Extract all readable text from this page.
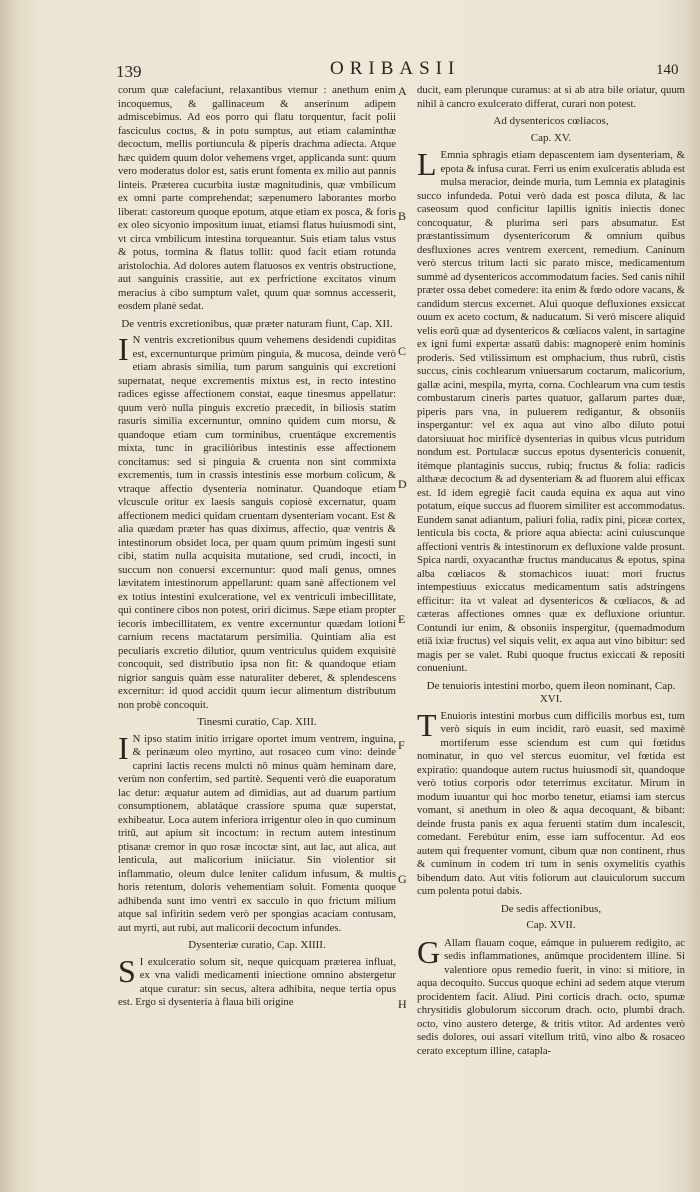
139	ORIBASII	140

corum quæ calefaciunt, relaxantibus vtemur : anethum enim incoquemus, & gallinaceum & anserinum adipem admiscebimus. Ad eos porro qui flatu torquentur, facit polii fasciculus coctus, & in potu sumptus, aut etiam calaminthæ decoctum, mellis portiuncula & piperis drachma adiecta. Atque hæc quidem quum dolor vehemens vrget, applicanda sunt: quum vero moderatus dolor est, satis erunt fomenta ex milio aut pannis linteis. Præterea cucurbita iustæ magnitudinis, quæ vmbilicum ex omni parte comprehendat; sæpenumero laborantes morbo liberat: castoreum quoque epotum, atque etiam ex posca, & foris ex oleo sicyonio impositum iuuat, etiamsi flatus huiusmodi sint, vt circa vmbilicum intestina torqueantur. Suis etiam talus vstus & potus, tormina & flatus tollit: quod facit etiam rotunda aristolochia. Ad dolores autem flatuosos ex ventris obstructione, aut sanguinis crassitie, aut ex perfrictione excitatos vinum meracius à cibo sumptum valet, quum quæ somnus accesserit, eosdem planè sedat.

De ventris excretionibus, quæ præter naturam fiunt, Cap. XII.

I N ventris excretionibus quum vehemens desidendi cupiditas est, excernunturque primùm pinguia, & mucosa, deinde verò etiam abrasis similia, tum parum sanguinis qui excretioni supernatat, neque excrementis mixtus est, in recto intestino radices egisse affectionem constat, eaque tinesmus appellatur: quum verò nulla pinguis excretio præcedit, in biliosis statim rasuris similia excernuntur, omnino quidem cum morsu, & quandoque etiam cum torminibus, cruentáque excrementis mixta, tunc in graciliòribus intestinis esse affectionem concitamus: sed si pinguia & cruenta non sint commixta excrementis, tum in crassis intestinis esse morbum colicum, & vtraque affectio dysenteria nominatur. Quandoque etiam vlcuscule oritur ex laesis sanguis copiosè excernatur, quam affectionem medici quidam cruentam dysenteriam vocant. Est & alia quædam præter has quas diximus, affectio, quæ ventris & intestinorum obsidet loca, per quam quum primùm ingesti sunt cibi, statim nulla acquisita mutatione, sed crudi, incocti, in succum non conuersi excernuntur: quod mali genus, omnes lævitatem intestinorum appellarunt: quam sanè affectionem vel ex totius intestini exulceratione, vel ex ventriculi imbecillitate, qui continere cibos non potest, oriri dicimus. Sæpe etiam propter iecoris imbecillitatem, ex ventre excernuntur quædam lotioni carnium recens mactatarum persimilia. Quintiam alia est peculiaris excretio dilutior, quum ventriculus quidem exquisitè concoquit, sed distributio ipsa non fit: & quandoque etiam nigrior sanguis quàm esse naturaliter deberet, & splendescens excernitur: id quod accidit quum iecur alimentum distributum non probè concoquit.

Tinesmi curatio, Cap. XIII.

I N ipso statim initio irrigare oportet imum ventrem, inguina, & perinæum oleo myrtino, aut rosaceo cum vino: deinde caprini lactis recens mulcti nō minus quàm heminam dare, verùm non confertim, sed partitè. Sequenti verò die euaporatum lac detur: æquatur autem ad dimidias, aut ad duarum partium consumptionem, ablatáque crassiore spuma quæ superstat, exhibeatur. Loca autem inferiora irrigentur oleo in quo cuminum tritū, aut apium sit incoctum: in rectum autem intestinum ptisanæ cremor in quo rosæ incoctæ sint, aut lac, aut alica, aut lenticula, aut malicorium iniiciatur. Sin violentior sit inflammatio, oleum dulce leniter calidum infusum, & multis horis retentum, doloris vehementiam soluit. Fomenta quoque adhibenda sunt imo ventri ex sacculo in quo frictum milium atque sal infiritin sedem verò per spongias acaciam contusam, aut myrti, aut rubi, aut malicorii decoctum infundes.

Dysenteriæ curatio, Cap. XIIII.

S I exulceratio solum sit, neque quicquam præterea influat, ex vna validi medicamenti iniectione omnino abstergetur atque curatur: sin secus, altera adhibita, neque tertia opus est. Ergo si dysenteria à flaua bili origine

A
B
C
D
E
F
G
H

ducit, eam plerunque curamus: at si ab atra bile oriatur, quum nihil à cancro exulcerato differat, curari non potest.

Ad dysentericos cœliacos,

Cap. XV.

L Emnia sphragis etiam depascentem iam dysenteriam, & epota & infusa curat. Ferri us enim exulceratis abluda est mulsa meracior, deinde muria, tum Lemnia ex plataginis succo infundeda. Potui verò dada est posca diluta, & lac caseosum quod conficitur lapillis ignitis iniectis donec concoquatur, & plurima seri pars absumatur. Est præstantissimum dysentericorum & omnium quibus desfluxiones acres ventrem exercent, remedium. Caninum verò stercus tritum lacti sic parato misce, medicamentum summè ad dysentericos accommodatum facies. Sed canis nihil præter ossa debet comedere: ita enim & fœdo odore vacans, & candidum stercus excernet. Alui quoque defluxiones exsiccat ouum ex aceto coctum, & naducatum. Si verò miscere aliquid velis eorū quæ ad dysentericos & cœliacos valent, in sartagine ex igni fumi expertæ assatū dabis: magnoperè enim hominis proderis. Sed vtilissimum est omphacium, thus rubrū, cistis succus, cinis cochlearum vniuersarum coctarum, malicorium, gallæ acini, mespila, myrta, corna. Cochlearum vna cum testis combustarum cineris partes quatuor, gallarum partes duæ, piperis pars vna, in puluerem redigantur, & obsoniis inspergantur: vel ex aqua aut vino albo diluto potui datorsiuuat hoc mirificè dysenterias in quibus vlcus putridum nondum est. Portulacæ succus epotus dysentericis conuenit, itémque plantaginis succus, rubiq; fructus & folia: radicis althææ decoctum & ad dysenteriam & ad fluorem alui efficax est. Id idem egregiè facit cauda equina ex aqua aut vino potatum, eíque succus ad fluorem similiter est accommodatus. Eundem sanat adiantum, paliuri folia, radix pini, piceæ cortex, lenticula bis cocta, & priore aqua abiecta: acini cuiuscunque affectioni ventris & intestinorum ex defluxione valde prosunt. Spica nardi, oxyacanthæ fructus manducatus & epotus, spina alba cœliacos & stomachicos iuuat: mori fructus intempestiuus exiccatus medicamentum satis adstringens efficitur: ita vt valeat ad dysentericos & cœliacos, & ad cæteras affectiones omnes quæ ex defluxione oriuntur. Contundi iur enim, & obsoniis inspergitur, (quemadmodum etiā ixiæ fructus) vel siquis velit, ex aqua aut vino bibitur: sed magis per se valet. Rubi quoque fructus exiccati & repositi conueniunt.

De tenuioris intestini morbo, quem ileon nominant, Cap. XVI.

T Enuioris intestini morbus cum difficilis morbus est, tum verò siquis in eum incidit, rarò euasit, sed maximè mortiferum esse sciendum est cum qui fœtidus nominatur, in quo vel stercus euomitur, vel fœtida est expiratio: quandoque autem ructus huiusmodi sit, quandoque verò totius corporis odor teterrimus excitatur. Mirum in modum iuuantur qui hoc morbo tenetur, etiamsi iam stercus vomant, si anethum in oleo & aqua decoquant, & bibant: deinde frusta panis ex aqua feruenti statim dum incalescit, comedant. Ferebútur enim, esse iam suffocentur. Ad eos autem qui frequenter vomunt, cibum quæ non continent, rhus & cuminum in codem tri tum in senis oxymelitis cyathis bibendum dato. Aut vitis foliorum aut clauiculorum succum cum polenta potui dabis.

De sedis affectionibus,

Cap. XVII.

G Allam flauam coque, eámque in puluerem redigito, ac sedis inflammationes, anūmque procidentem illine. Si valentiore opus remedio fuerit, in vino: si mitiore, in aqua decoquito. Succus quoque echini ad sedem atque vterum procidentem facit. Aliud. Pini corticis drach. octo, spumæ chrysitidis globulorum siccorum drach. octo, plumbi drach. octo, vino austero deterge, & tritis vtitor. Ad ardentes verò sedis dolores, oui assari vitellum tritū, vino albo & rosaceo cerato exceptum illine, catapla-
